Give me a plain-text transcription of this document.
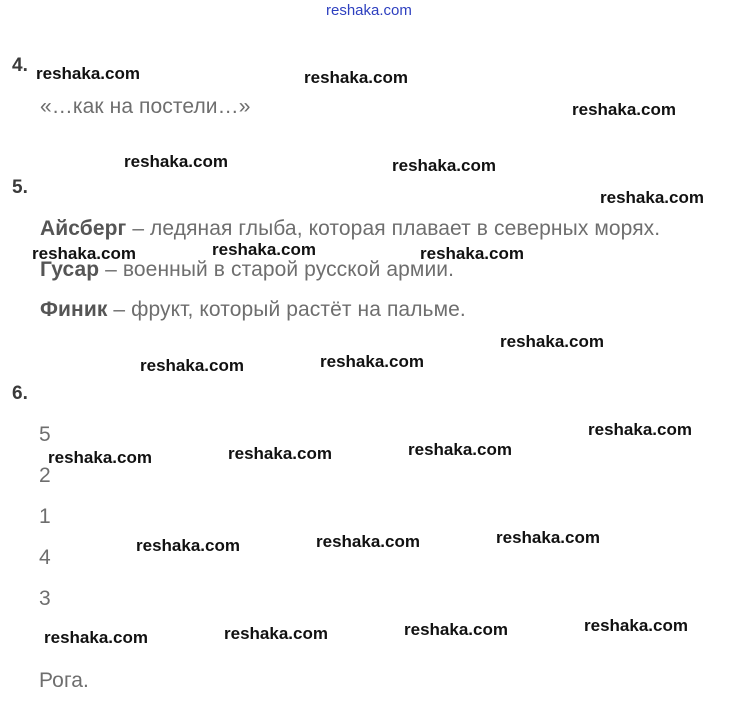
reshaka.com
4.
«…как на постели…»
5.
Айсберг – ледяная глыба, которая плавает в северных морях.
Гусар – военный в старой русской армии.
Финик – фрукт, который растёт на пальме.
6.
5
2
1
4
3
Рога.
reshaka.com	reshaka.com
reshaka.com
reshaka.com	reshaka.com
reshaka.com
reshaka.com	reshaka.com	reshaka.com
reshaka.com
reshaka.com	reshaka.com
reshaka.com
reshaka.com	reshaka.com	reshaka.com
reshaka.com
reshaka.com	reshaka.com
reshaka.com
reshaka.com	reshaka.com	reshaka.com
